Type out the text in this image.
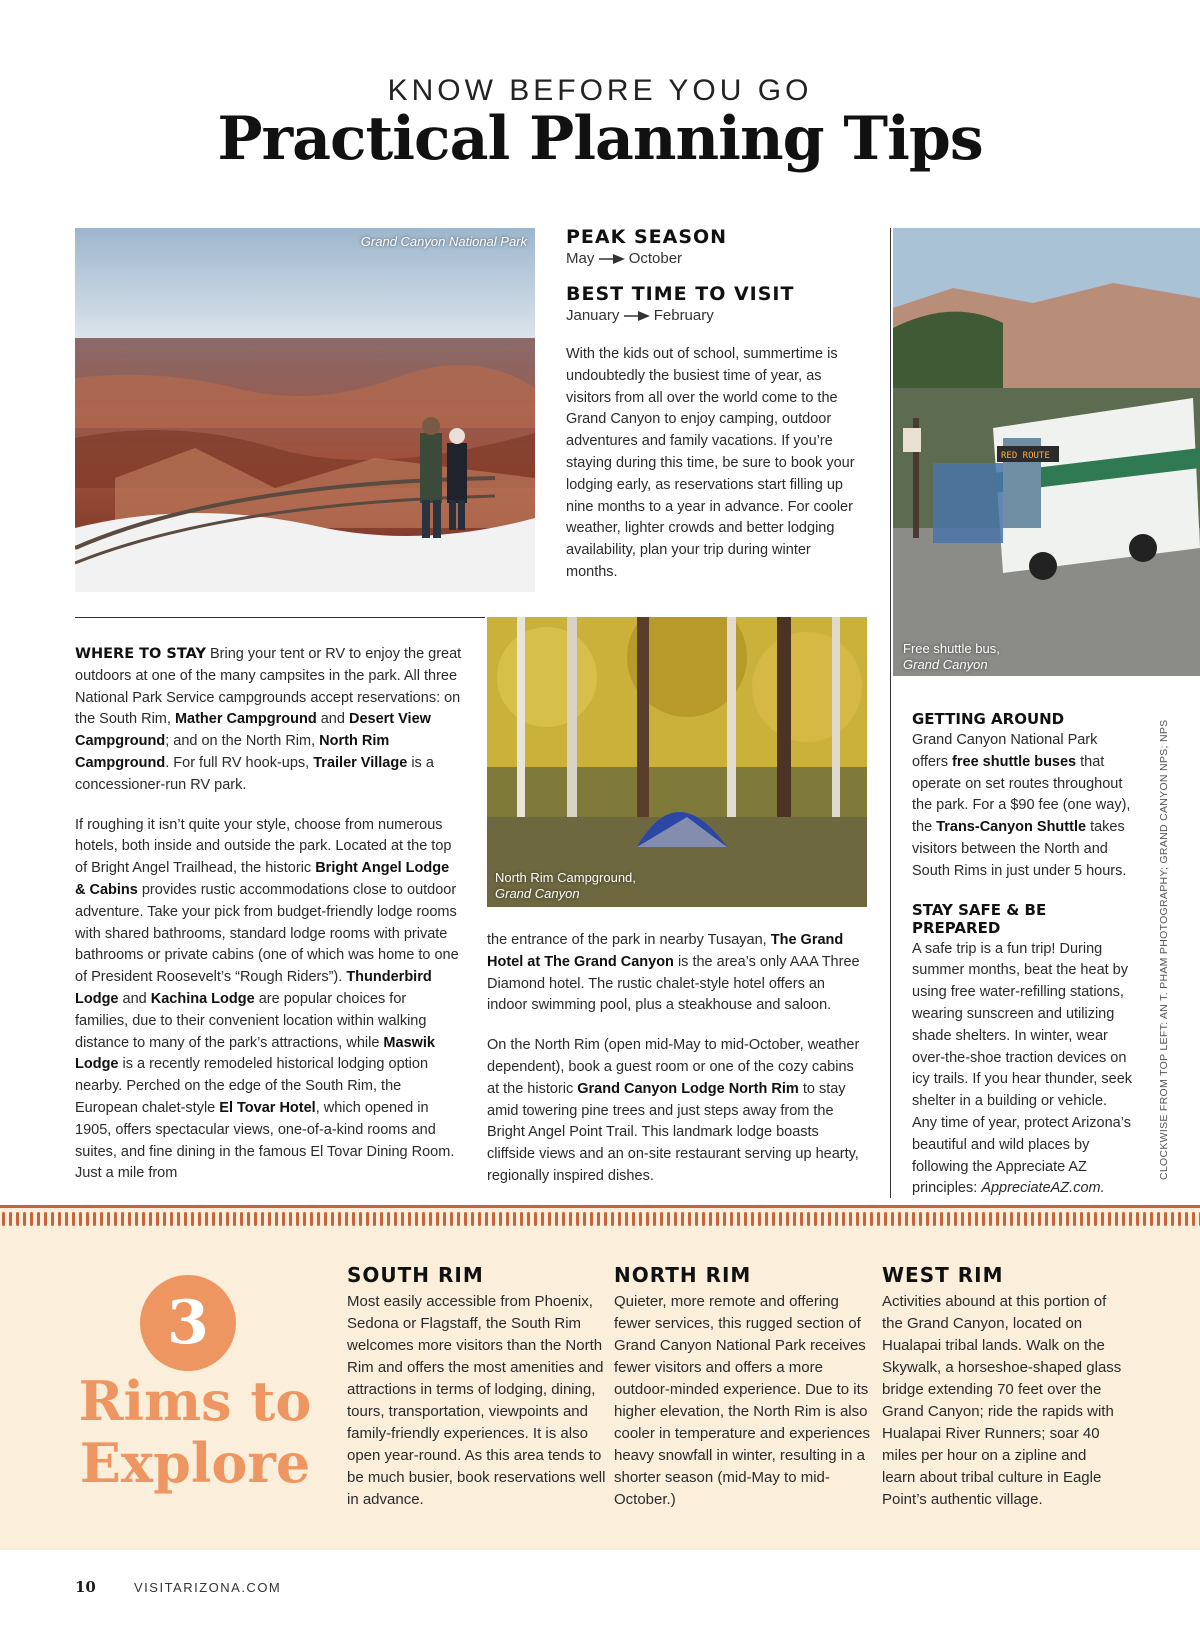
KNOW BEFORE YOU GO
Practical Planning Tips
Grand Canyon National Park
RED ROUTE
Free shuttle bus,
Grand Canyon
North Rim Campground,
Grand Canyon
PEAK SEASON
May October
BEST TIME TO VISIT
January February

With the kids out of school, summertime is undoubtedly the busiest time of year, as visitors from all over the world come to the Grand Canyon to enjoy camping, outdoor adventures and family vacations. If you’re staying during this time, be sure to book your lodging early, as reservations start filling up nine months to a year in advance. For cooler weather, lighter crowds and better lodging availability, plan your trip during winter months.

WHERE TO STAY Bring your tent or RV to enjoy the great outdoors at one of the many campsites in the park. All three National Park Service campgrounds accept reservations: on the South Rim, Mather Campground and Desert View Campground; and on the North Rim, North Rim Campground. For full RV hook-ups, Trailer Village is a concessioner-run RV park.

If roughing it isn’t quite your style, choose from numerous hotels, both inside and outside the park. Located at the top of Bright Angel Trailhead, the historic Bright Angel Lodge & Cabins provides rustic accommodations close to outdoor adventure. Take your pick from budget-friendly lodge rooms with shared bathrooms, standard lodge rooms with private bathrooms or private cabins (one of which was home to one of President Roosevelt’s “Rough Riders”). Thunderbird Lodge and Kachina Lodge are popular choices for families, due to their convenient location within walking distance to many of the park’s attractions, while Maswik Lodge is a recently remodeled historical lodging option nearby. Perched on the edge of the South Rim, the European chalet-style El Tovar Hotel, which opened in 1905, offers spectacular views, one-of-a-kind rooms and suites, and fine dining in the famous El Tovar Dining Room. Just a mile from

the entrance of the park in nearby Tusayan, The Grand Hotel at The Grand Canyon is the area’s only AAA Three Diamond hotel. The rustic chalet-style hotel offers an indoor swimming pool, plus a steakhouse and saloon.

On the North Rim (open mid-May to mid-October, weather dependent), book a guest room or one of the cozy cabins at the historic Grand Canyon Lodge North Rim to stay amid towering pine trees and just steps away from the Bright Angel Point Trail. This landmark lodge boasts cliffside views and an on-site restaurant serving up hearty, regionally inspired dishes.

GETTING AROUND

Grand Canyon National Park offers free shuttle buses that operate on set routes throughout the park. For a $90 fee (one way), the Trans-Canyon Shuttle takes visitors between the North and South Rims in just under 5 hours.

STAY SAFE & BE PREPARED

A safe trip is a fun trip! During summer months, beat the heat by using free water-refilling stations, wearing sunscreen and utilizing shade shelters. In winter, wear over-the-shoe traction devices on icy trails. If you hear thunder, seek shelter in a building or vehicle. Any time of year, protect Arizona’s beautiful and wild places by following the Appreciate AZ principles: AppreciateAZ.com.

CLOCKWISE FROM TOP LEFT: AN T. PHAM PHOTOGRAPHY; GRAND CANYON NPS; NPS
3
Rims to
Explore
SOUTH RIM

Most easily accessible from Phoenix, Sedona or Flagstaff, the South Rim welcomes more visitors than the North Rim and offers the most amenities and attractions in terms of lodging, dining, tours, transportation, viewpoints and family-friendly experiences. It is also open year-round. As this area tends to be much busier, book reservations well in advance.

NORTH RIM

Quieter, more remote and offering fewer services, this rugged section of Grand Canyon National Park receives fewer visitors and offers a more outdoor-minded experience. Due to its higher elevation, the North Rim is also cooler in temperature and experiences heavy snowfall in winter, resulting in a shorter season (mid-May to mid-October.)

WEST RIM

Activities abound at this portion of the Grand Canyon, located on Hualapai tribal lands. Walk on the Skywalk, a horseshoe-shaped glass bridge extending 70 feet over the Grand Canyon; ride the rapids with Hualapai River Runners; soar 40 miles per hour on a zipline and learn about tribal culture in Eagle Point’s authentic village.

10	VISITARIZONA.COM
